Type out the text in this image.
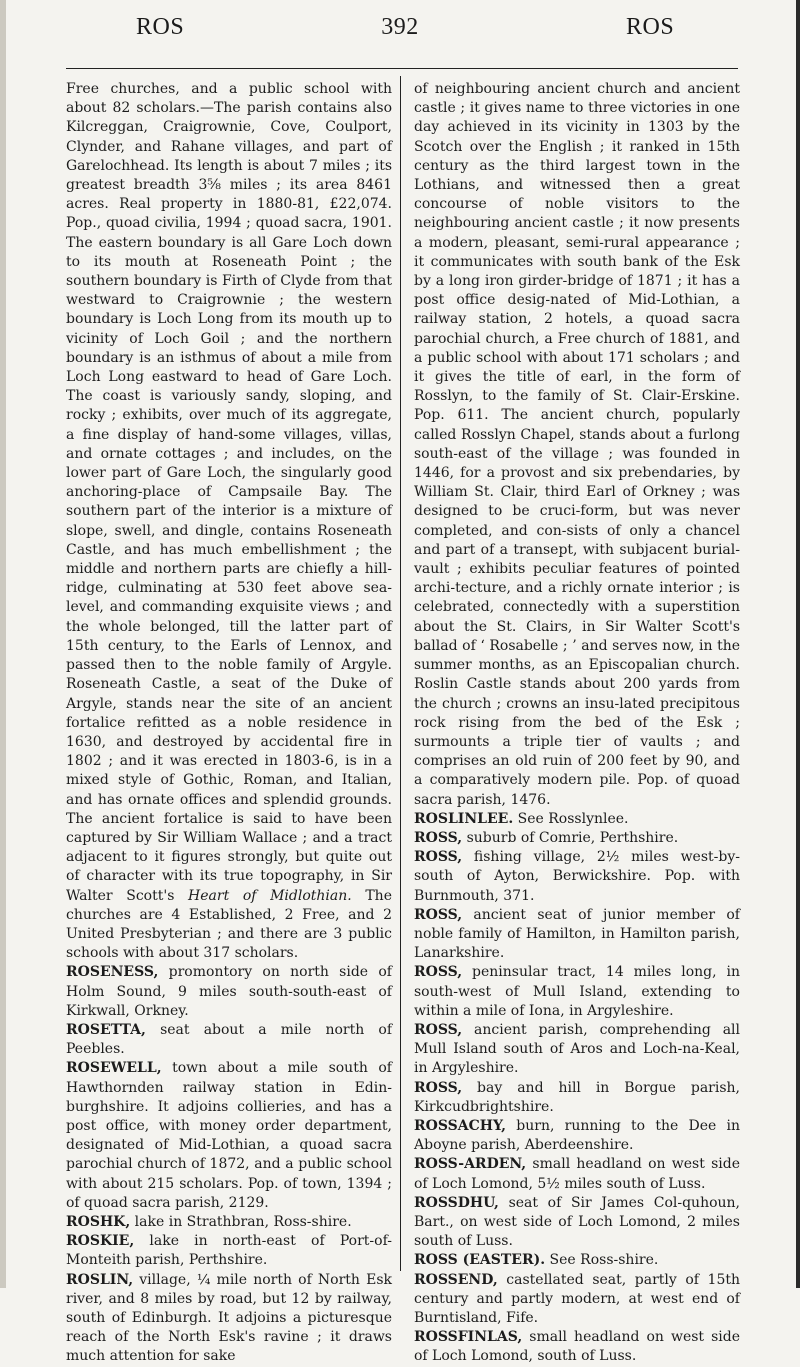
ROS	392	ROS

Free churches, and a public school with about 82 scholars.—The parish contains also Kilcreggan, Craigrownie, Cove, Coulport, Clynder, and Rahane villages, and part of Garelochhead. Its length is about 7 miles ; its greatest breadth 3⅝ miles ; its area 8461 acres. Real property in 1880-81, £22,074. Pop., quoad civilia, 1994 ; quoad sacra, 1901. The eastern boundary is all Gare Loch down to its mouth at Roseneath Point ; the southern boundary is Firth of Clyde from that westward to Craigrownie ; the western boundary is Loch Long from its mouth up to vicinity of Loch Goil ; and the northern boundary is an isthmus of about a mile from Loch Long eastward to head of Gare Loch. The coast is variously sandy, sloping, and rocky ; exhibits, over much of its aggregate, a fine display of hand-some villages, villas, and ornate cottages ; and includes, on the lower part of Gare Loch, the singularly good anchoring-place of Campsaile Bay. The southern part of the interior is a mixture of slope, swell, and dingle, contains Roseneath Castle, and has much embellishment ; the middle and northern parts are chiefly a hill-ridge, culminating at 530 feet above sea-level, and commanding exquisite views ; and the whole belonged, till the latter part of 15th century, to the Earls of Lennox, and passed then to the noble family of Argyle. Roseneath Castle, a seat of the Duke of Argyle, stands near the site of an ancient fortalice refitted as a noble residence in 1630, and destroyed by accidental fire in 1802 ; and it was erected in 1803-6, is in a mixed style of Gothic, Roman, and Italian, and has ornate offices and splendid grounds. The ancient fortalice is said to have been captured by Sir William Wallace ; and a tract adjacent to it figures strongly, but quite out of character with its true topography, in Sir Walter Scott's Heart of Midlothian. The churches are 4 Established, 2 Free, and 2 United Presbyterian ; and there are 3 public schools with about 317 scholars.

ROSENESS, promontory on north side of Holm Sound, 9 miles south-south-east of Kirkwall, Orkney.

ROSETTA, seat about a mile north of Peebles.

ROSEWELL, town about a mile south of Hawthornden railway station in Edin-burghshire. It adjoins collieries, and has a post office, with money order department, designated of Mid-Lothian, a quoad sacra parochial church of 1872, and a public school with about 215 scholars. Pop. of town, 1394 ; of quoad sacra parish, 2129.

ROSHK, lake in Strathbran, Ross-shire.

ROSKIE, lake in north-east of Port-of-Monteith parish, Perthshire.

ROSLIN, village, ¼ mile north of North Esk river, and 8 miles by road, but 12 by railway, south of Edinburgh. It adjoins a picturesque reach of the North Esk's ravine ; it draws much attention for sake

of neighbouring ancient church and ancient castle ; it gives name to three victories in one day achieved in its vicinity in 1303 by the Scotch over the English ; it ranked in 15th century as the third largest town in the Lothians, and witnessed then a great concourse of noble visitors to the neighbouring ancient castle ; it now presents a modern, pleasant, semi-rural appearance ; it communicates with south bank of the Esk by a long iron girder-bridge of 1871 ; it has a post office desig-nated of Mid-Lothian, a railway station, 2 hotels, a quoad sacra parochial church, a Free church of 1881, and a public school with about 171 scholars ; and it gives the title of earl, in the form of Rosslyn, to the family of St. Clair-Erskine. Pop. 611. The ancient church, popularly called Rosslyn Chapel, stands about a furlong south-east of the village ; was founded in 1446, for a provost and six prebendaries, by William St. Clair, third Earl of Orkney ; was designed to be cruci-form, but was never completed, and con-sists of only a chancel and part of a transept, with subjacent burial-vault ; exhibits peculiar features of pointed archi-tecture, and a richly ornate interior ; is celebrated, connectedly with a superstition about the St. Clairs, in Sir Walter Scott's ballad of ‘ Rosabelle ; ’ and serves now, in the summer months, as an Episcopalian church. Roslin Castle stands about 200 yards from the church ; crowns an insu-lated precipitous rock rising from the bed of the Esk ; surmounts a triple tier of vaults ; and comprises an old ruin of 200 feet by 90, and a comparatively modern pile. Pop. of quoad sacra parish, 1476.

ROSLINLEE. See Rosslynlee.

ROSS, suburb of Comrie, Perthshire.

ROSS, fishing village, 2½ miles west-by-south of Ayton, Berwickshire. Pop. with Burnmouth, 371.

ROSS, ancient seat of junior member of noble family of Hamilton, in Hamilton parish, Lanarkshire.

ROSS, peninsular tract, 14 miles long, in south-west of Mull Island, extending to within a mile of Iona, in Argyleshire.

ROSS, ancient parish, comprehending all Mull Island south of Aros and Loch-na-Keal, in Argyleshire.

ROSS, bay and hill in Borgue parish, Kirkcudbrightshire.

ROSSACHY, burn, running to the Dee in Aboyne parish, Aberdeenshire.

ROSS-ARDEN, small headland on west side of Loch Lomond, 5½ miles south of Luss.

ROSSDHU, seat of Sir James Col-quhoun, Bart., on west side of Loch Lomond, 2 miles south of Luss.

ROSS (EASTER). See Ross-shire.

ROSSEND, castellated seat, partly of 15th century and partly modern, at west end of Burntisland, Fife.

ROSSFINLAS, small headland on west side of Loch Lomond, south of Luss.
